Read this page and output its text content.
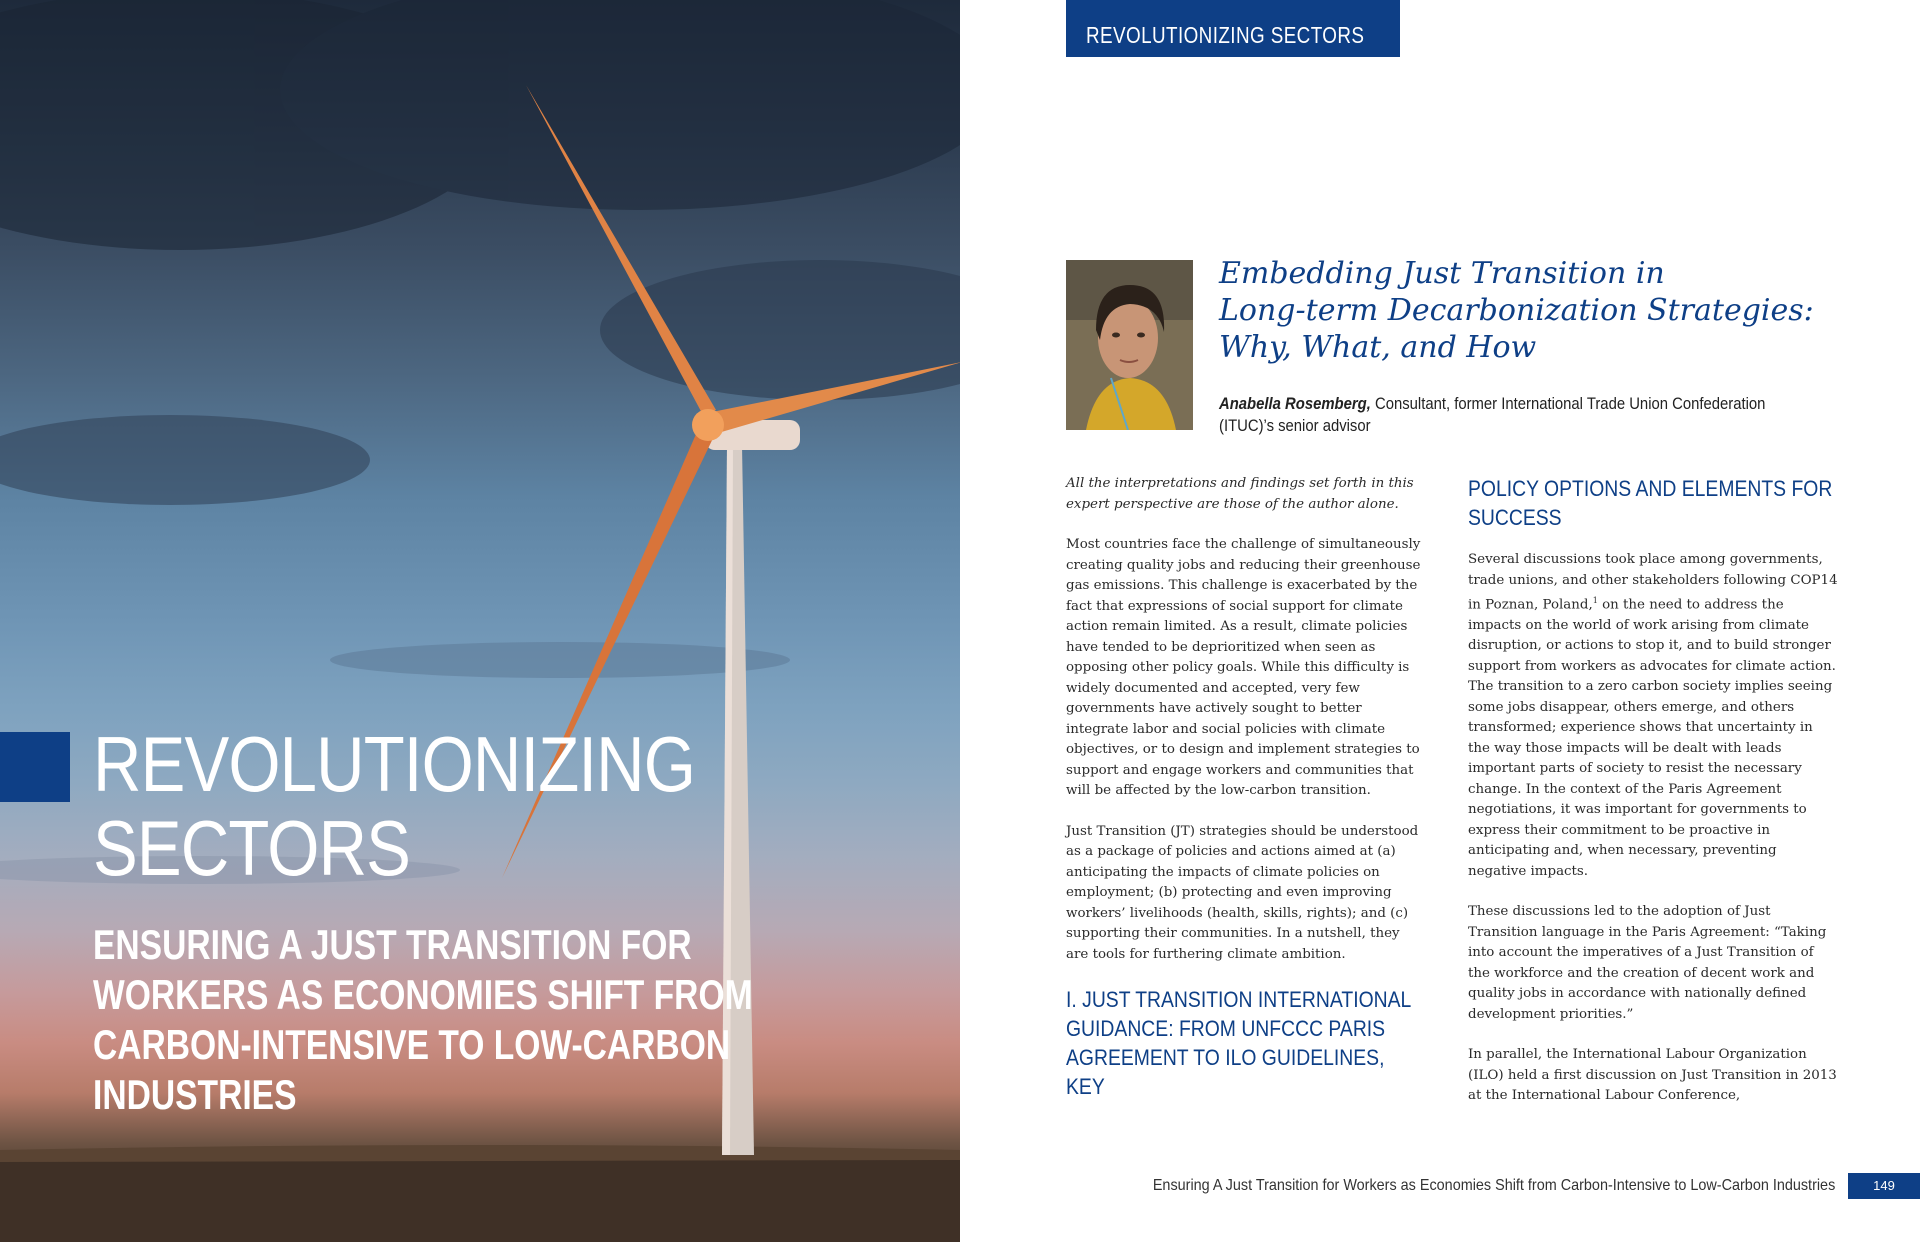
REVOLUTIONIZING
SECTORS
ENSURING A JUST TRANSITION FOR WORKERS AS ECONOMIES SHIFT FROM CARBON-INTENSIVE TO LOW-CARBON INDUSTRIES
REVOLUTIONIZING SECTORS
Embedding Just Transition in
Long-term Decarbonization Strategies:
Why, What, and How
Anabella Rosemberg, Consultant, former International Trade Union Confederation (ITUC)’s senior advisor

All the interpretations and findings set forth in this expert perspective are those of the author alone.

Most countries face the challenge of simultaneously creating quality jobs and reducing their greenhouse gas emissions. This challenge is exacerbated by the fact that expressions of social support for climate action remain limited. As a result, climate policies have tended to be deprioritized when seen as opposing other policy goals. While this difficulty is widely documented and accepted, very few governments have actively sought to better integrate labor and social policies with climate objectives, or to design and implement strategies to support and engage workers and communities that will be affected by the low-carbon transition.

Just Transition (JT) strategies should be understood as a package of policies and actions aimed at (a) anticipating the impacts of climate policies on employment; (b) protecting and even improving workers’ livelihoods (health, skills, rights); and (c) supporting their communities. In a nutshell, they are tools for furthering climate ambition.

I. JUST TRANSITION INTERNATIONAL GUIDANCE: FROM UNFCCC PARIS AGREEMENT TO ILO GUIDELINES, KEY
POLICY OPTIONS AND ELEMENTS FOR SUCCESS

Several discussions took place among governments, trade unions, and other stakeholders following COP14 in Poznan, Poland,$^1$ on the need to address the impacts on the world of work arising from climate disruption, or actions to stop it, and to build stronger support from workers as advocates for climate action. The transition to a zero carbon society implies seeing some jobs disappear, others emerge, and others transformed; experience shows that uncertainty in the way those impacts will be dealt with leads important parts of society to resist the necessary change. In the context of the Paris Agreement negotiations, it was important for governments to express their commitment to be proactive in anticipating and, when necessary, preventing negative impacts.

These discussions led to the adoption of Just Transition language in the Paris Agreement: “Taking into account the imperatives of a Just Transition of the workforce and the creation of decent work and quality jobs in accordance with nationally defined development priorities.”

In parallel, the International Labour Organization (ILO) held a first discussion on Just Transition in 2013 at the International Labour Conference,

Ensuring A Just Transition for Workers as Economies Shift from Carbon-Intensive to Low-Carbon Industries	149
